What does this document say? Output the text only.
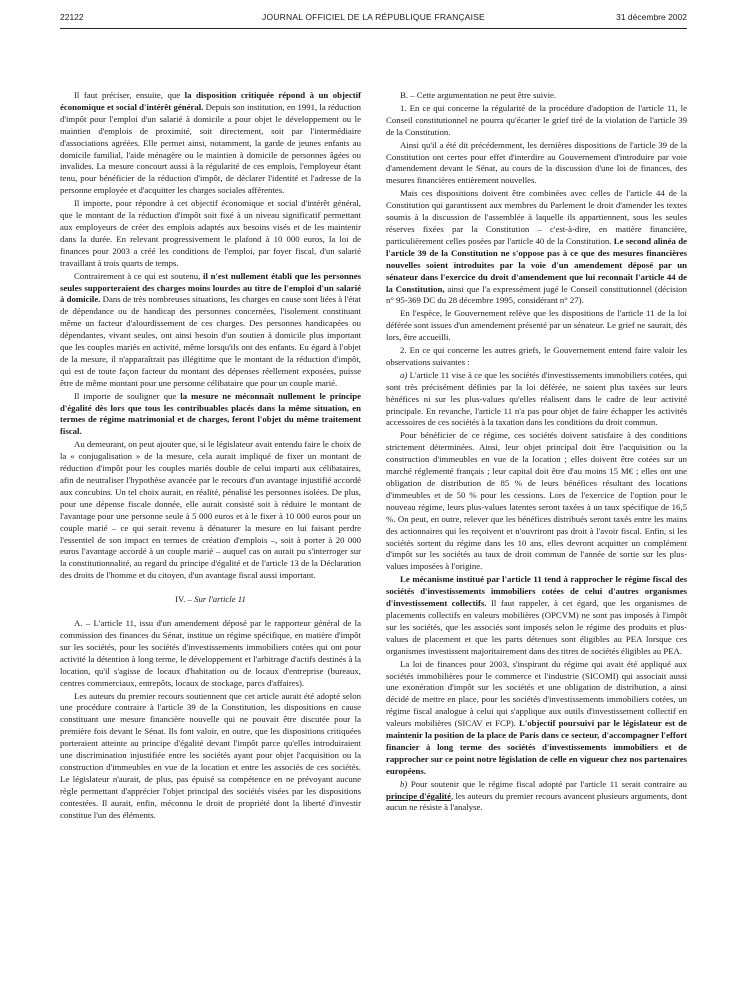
22122	JOURNAL OFFICIEL DE LA RÉPUBLIQUE FRANÇAISE	31 décembre 2002

Il faut préciser, ensuite, que la disposition critiquée répond à un objectif économique et social d'intérêt général. Depuis son institution, en 1991, la réduction d'impôt pour l'emploi d'un salarié à domicile a pour objet le développement ou le maintien d'emplois de proximité, soit directement, soit par l'intermédiaire d'associations agréées. Elle permet ainsi, notamment, la garde de jeunes enfants au domicile familial, l'aide ménagère ou le maintien à domicile de personnes âgées ou invalides. La mesure concourt aussi à la régularité de ces emplois, l'employeur étant tenu, pour bénéficier de la réduction d'impôt, de déclarer l'identité et l'adresse de la personne employée et d'acquitter les charges sociales afférentes.

Il importe, pour répondre à cet objectif économique et social d'intérêt général, que le montant de la réduction d'impôt soit fixé à un niveau significatif permettant aux employeurs de créer des emplois adaptés aux besoins visés et de les maintenir dans la durée. En relevant progressivement le plafond à 10 000 euros, la loi de finances pour 2003 a créé les conditions de l'emploi, par foyer fiscal, d'un salarié travaillant à trois quarts de temps.

Contrairement à ce qui est soutenu, il n'est nullement établi que les personnes seules supporteraient des charges moins lourdes au titre de l'emploi d'un salarié à domicile. Dans de très nombreuses situations, les charges en cause sont liées à l'état de dépendance ou de handicap des personnes concernées, l'isolement constituant même un facteur d'alourdissement de ces charges. Des personnes handicapées ou dépendantes, vivant seules, ont ainsi besoin d'un soutien à domicile plus important que les couples mariés en activité, même lorsqu'ils ont des enfants. Eu égard à l'objet de la mesure, il n'apparaîtrait pas illégitime que le montant de la réduction d'impôt, qui est de toute façon facteur du montant des dépenses réellement exposées, puisse être de même montant pour une personne célibataire que pour un couple marié.

Il importe de souligner que la mesure ne méconnaît nullement le principe d'égalité dès lors que tous les contribuables placés dans la même situation, en termes de régime matrimonial et de charges, feront l'objet du même traitement fiscal.

Au demeurant, on peut ajouter que, si le législateur avait entendu faire le choix de la « conjugalisation » de la mesure, cela aurait impliqué de fixer un montant de réduction d'impôt pour les couples mariés double de celui imparti aux célibataires, afin de neutraliser l'hypothèse avancée par le recours d'un avantage injustifié accordé aux concubins. Un tel choix aurait, en réalité, pénalisé les personnes isolées. De plus, pour une dépense fiscale donnée, elle aurait consisté soit à réduire le montant de l'avantage pour une personne seule à 5 000 euros et à le fixer à 10 000 euros pour un couple marié – ce qui serait revenu à dénaturer la mesure en lui faisant perdre l'essentiel de son impact en termes de création d'emplois –, soit à porter à 20 000 euros l'avantage accordé à un couple marié – auquel cas on aurait pu s'interroger sur la constitutionnalité, au regard du principe d'égalité et de l'article 13 de la Déclaration des droits de l'homme et du citoyen, d'un avantage fiscal aussi important.

IV. – Sur l'article 11

A. – L'article 11, issu d'un amendement déposé par le rapporteur général de la commission des finances du Sénat, institue un régime spécifique, en matière d'impôt sur les sociétés, pour les sociétés d'investissements immobiliers cotées qui ont pour activité la détention à long terme, le développement et l'arbitrage d'actifs destinés à la location, qu'il s'agisse de locaux d'habitation ou de locaux d'entreprise (bureaux, centres commerciaux, entrepôts, locaux de stockage, parcs d'affaires).

Les auteurs du premier recours soutiennent que cet article aurait été adopté selon une procédure contraire à l'article 39 de la Constitution, les dispositions en cause constituant une mesure financière nouvelle qui ne pouvait être discutée pour la première fois devant le Sénat. Ils font valoir, en outre, que les dispositions critiquées porteraient atteinte au principe d'égalité devant l'impôt parce qu'elles introduiraient une discrimination injustifiée entre les sociétés ayant pour objet l'acquisition ou la construction d'immeubles en vue de la location et entre les associés de ces sociétés. Le législateur n'aurait, de plus, pas épuisé sa compétence en ne prévoyant aucune règle permettant d'apprécier l'objet principal des sociétés visées par les dispositions contestées. Il aurait, enfin, méconnu le droit de propriété dont la liberté d'investir constitue l'un des éléments.

B. – Cette argumentation ne peut être suivie.

1. En ce qui concerne la régularité de la procédure d'adoption de l'article 11, le Conseil constitutionnel ne pourra qu'écarter le grief tiré de la violation de l'article 39 de la Constitution.

Ainsi qu'il a été dit précédemment, les dernières dispositions de l'article 39 de la Constitution ont certes pour effet d'interdire au Gouvernement d'introduire par voie d'amendement devant le Sénat, au cours de la discussion d'une loi de finances, des mesures financières entièrement nouvelles.

Mais ces dispositions doivent être combinées avec celles de l'article 44 de la Constitution qui garantissent aux membres du Parlement le droit d'amender les textes soumis à la discussion de l'assemblée à laquelle ils appartiennent, sous les seules réserves fixées par la Constitution – c'est-à-dire, en matière financière, particulièrement celles posées par l'article 40 de la Constitution. Le second alinéa de l'article 39 de la Constitution ne s'oppose pas à ce que des mesures financières nouvelles soient introduites par la voie d'un amendement déposé par un sénateur dans l'exercice du droit d'amendement que lui reconnaît l'article 44 de la Constitution, ainsi que l'a expressément jugé le Conseil constitutionnel (décision n° 95-369 DC du 28 décembre 1995, considérant n° 27).

En l'espèce, le Gouvernement relève que les dispositions de l'article 11 de la loi déférée sont issues d'un amendement présenté par un sénateur. Le grief ne saurait, dès lors, être accueilli.

2. En ce qui concerne les autres griefs, le Gouvernement entend faire valoir les observations suivantes :

a) L'article 11 vise à ce que les sociétés d'investissements immobiliers cotées, qui sont très précisément définies par la loi déférée, ne soient plus taxées sur leurs bénéfices ni sur les plus-values qu'elles réalisent dans le cadre de leur activité principale. En revanche, l'article 11 n'a pas pour objet de faire échapper les activités accessoires de ces sociétés à la taxation dans les conditions du droit commun.

Pour bénéficier de ce régime, ces sociétés doivent satisfaire à des conditions strictement déterminées. Ainsi, leur objet principal doit être l'acquisition ou la construction d'immeubles en vue de la location ; elles doivent être cotées sur un marché réglementé français ; leur capital doit être d'au moins 15 M€ ; elles ont une obligation de distribution de 85 % de leurs bénéfices résultant des locations d'immeubles et de 50 % pour les cessions. Lors de l'exercice de l'option pour le nouveau régime, leurs plus-values latentes seront taxées à un taux spécifique de 16,5 %. On peut, en outre, relever que les bénéfices distribués seront taxés entre les mains des actionnaires qui les reçoivent et n'ouvriront pas droit à l'avoir fiscal. Enfin, si les sociétés sortent du régime dans les 10 ans, elles devront acquitter un complément d'impôt sur les sociétés au taux de droit commun de l'année de sortie sur les plus-values imposées à l'origine.

Le mécanisme institué par l'article 11 tend à rapprocher le régime fiscal des sociétés d'investissements immobiliers cotées de celui d'autres organismes d'investissement collectifs. Il faut rappeler, à cet égard, que les organismes de placements collectifs en valeurs mobilières (OPCVM) ne sont pas imposés à l'impôt sur les sociétés, que les associés sont imposés selon le régime des produits et plus-values de placement et que les parts détenues sont éligibles au PEA lorsque ces organismes investissent majoritairement dans des titres de sociétés éligibles au PEA.

La loi de finances pour 2003, s'inspirant du régime qui avait été appliqué aux sociétés immobilières pour le commerce et l'industrie (SICOMI) qui associait aussi une exonération d'impôt sur les sociétés et une obligation de distribution, a ainsi décidé de mettre en place, pour les sociétés d'investissements immobiliers cotées, un régime fiscal analogue à celui qui s'applique aux outils d'investissement collectif en valeurs mobilières (SICAV et FCP). L'objectif poursuivi par le législateur est de maintenir la position de la place de Paris dans ce secteur, d'accompagner l'effort financier à long terme des sociétés d'investissements immobiliers et de rapprocher sur ce point notre législation de celle en vigueur chez nos partenaires européens.

b) Pour soutenir que le régime fiscal adopté par l'article 11 serait contraire au principe d'égalité, les auteurs du premier recours avancent plusieurs arguments, dont aucun ne résiste à l'analyse.
